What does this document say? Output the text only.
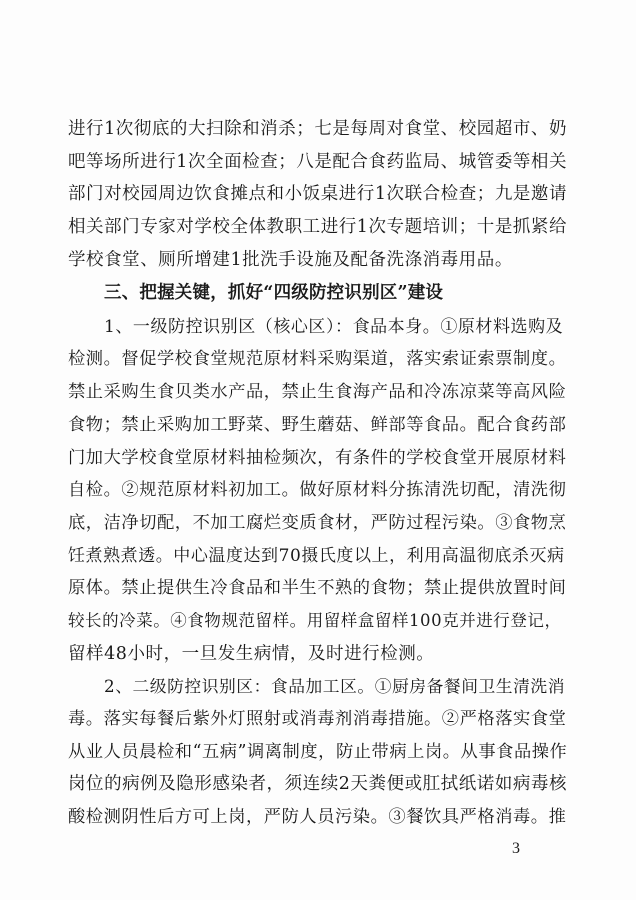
进行1次彻底的大扫除和消杀；七是每周对食堂、校园超市、奶
吧等场所进行1次全面检查；八是配合食药监局、城管委等相关
部门对校园周边饮食摊点和小饭桌进行1次联合检查；九是邀请
相关部门专家对学校全体教职工进行1次专题培训；十是抓紧给
学校食堂、厕所增建1批洗手设施及配备洗涤消毒用品。
三、把握关键，抓好“四级防控识别区”建设
1、一级防控识别区（核心区）：食品本身。①原材料选购及
检测。督促学校食堂规范原材料采购渠道，落实索证索票制度。
禁止采购生食贝类水产品，禁止生食海产品和冷冻凉菜等高风险
食物；禁止采购加工野菜、野生蘑菇、鲜部等食品。配合食药部
门加大学校食堂原材料抽检频次，有条件的学校食堂开展原材料
自检。②规范原材料初加工。做好原材料分拣清洗切配，清洗彻
底，洁净切配，不加工腐烂变质食材，严防过程污染。③食物烹
饪煮熟煮透。中心温度达到70摄氏度以上，利用高温彻底杀灭病
原体。禁止提供生冷食品和半生不熟的食物；禁止提供放置时间
较长的冷菜。④食物规范留样。用留样盒留样100克并进行登记，
留样48小时，一旦发生病情，及时进行检测。
2、二级防控识别区：食品加工区。①厨房备餐间卫生清洗消
毒。落实每餐后紫外灯照射或消毒剂消毒措施。②严格落实食堂
从业人员晨检和“五病”调离制度，防止带病上岗。从事食品操作
岗位的病例及隐形感染者，须连续2天粪便或肛拭纸诺如病毒核
酸检测阴性后方可上岗，严防人员污染。③餐饮具严格消毒。推
3
